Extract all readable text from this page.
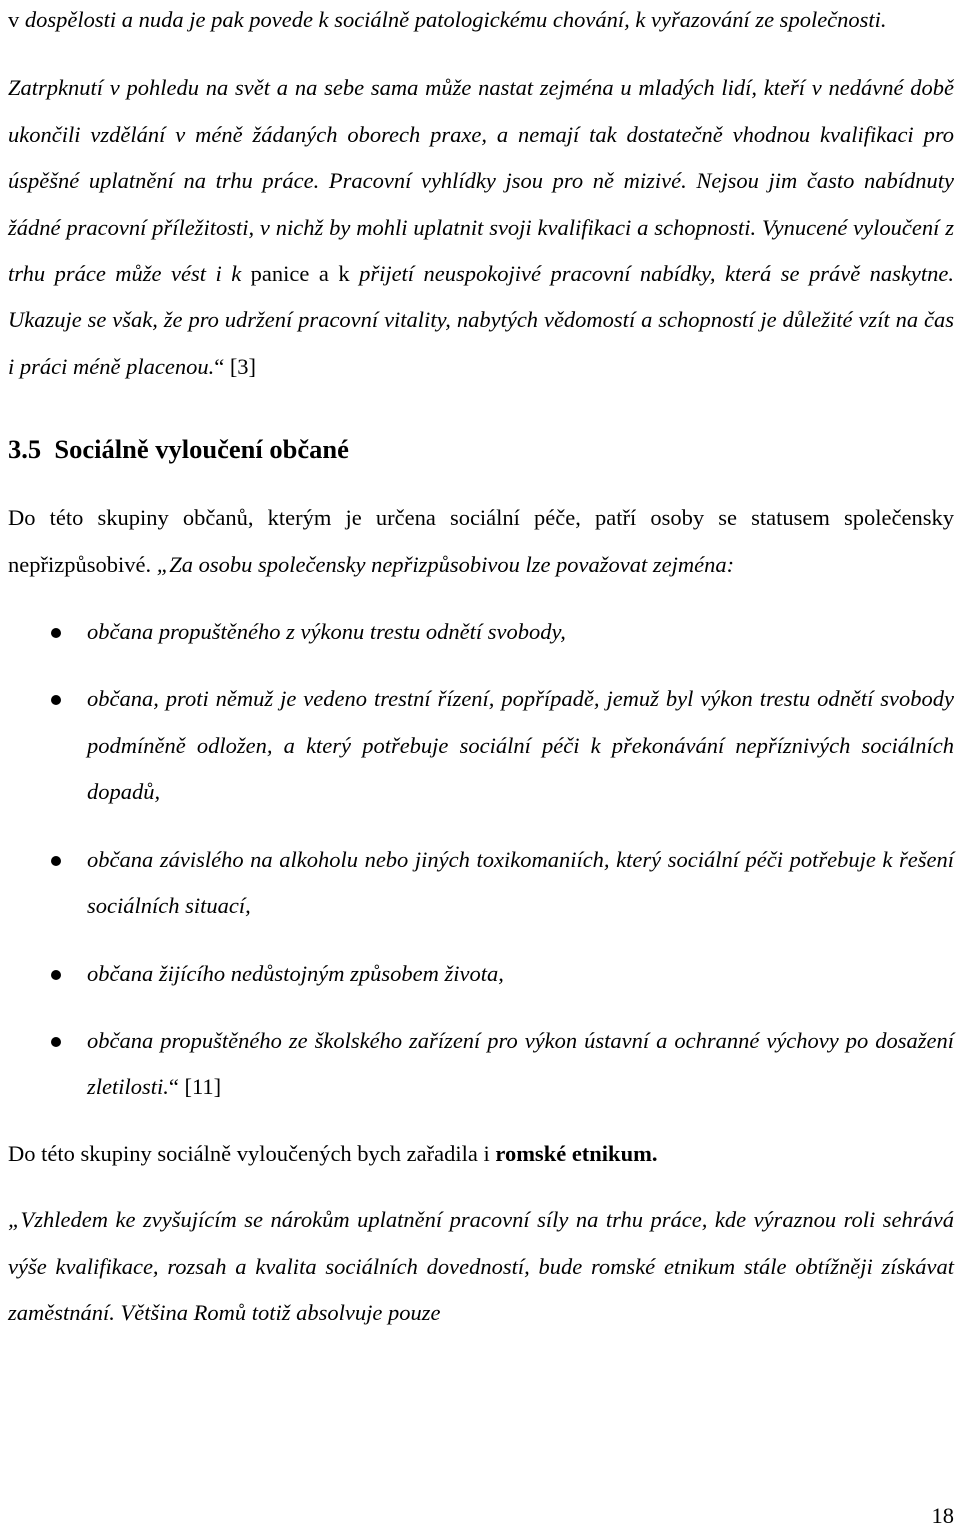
v dospělosti a nuda je pak povede k sociálně patologickému chování, k vyřazování ze společnosti.

Zatrpknutí v pohledu na svět a na sebe sama může nastat zejména u mladých lidí, kteří v nedávné době ukončili vzdělání v méně žádaných oborech praxe, a nemají tak dostatečně vhodnou kvalifikaci pro úspěšné uplatnění na trhu práce. Pracovní vyhlídky jsou pro ně mizivé. Nejsou jim často nabídnuty žádné pracovní příležitosti, v nichž by mohli uplatnit svoji kvalifikaci a schopnosti. Vynucené vyloučení z trhu práce může vést i k panice a k přijetí neuspokojivé pracovní nabídky, která se právě naskytne. Ukazuje se však, že pro udržení pracovní vitality, nabytých vědomostí a schopností je důležité vzít na čas i práci méně placenou.“ [3]

3.5 Sociálně vyloučení občané

Do této skupiny občanů, kterým je určena sociální péče, patří osoby se statusem společensky nepřizpůsobivé. „Za osobu společensky nepřizpůsobivou lze považovat zejména:

občana propuštěného z výkonu trestu odnětí svobody,
občana, proti němuž je vedeno trestní řízení, popřípadě, jemuž byl výkon trestu odnětí svobody podmíněně odložen, a který potřebuje sociální péči k překonávání nepříznivých sociálních dopadů,
občana závislého na alkoholu nebo jiných toxikomaniích, který sociální péči potřebuje k řešení sociálních situací,
občana žijícího nedůstojným způsobem života,
občana propuštěného ze školského zařízení pro výkon ústavní a ochranné výchovy po dosažení zletilosti.“ [11]

Do této skupiny sociálně vyloučených bych zařadila i romské etnikum.

„Vzhledem ke zvyšujícím se nárokům uplatnění pracovní síly na trhu práce, kde výraznou roli sehrává výše kvalifikace, rozsah a kvalita sociálních dovedností, bude romské etnikum stále obtížněji získávat zaměstnání. Většina Romů totiž absolvuje pouze

18
